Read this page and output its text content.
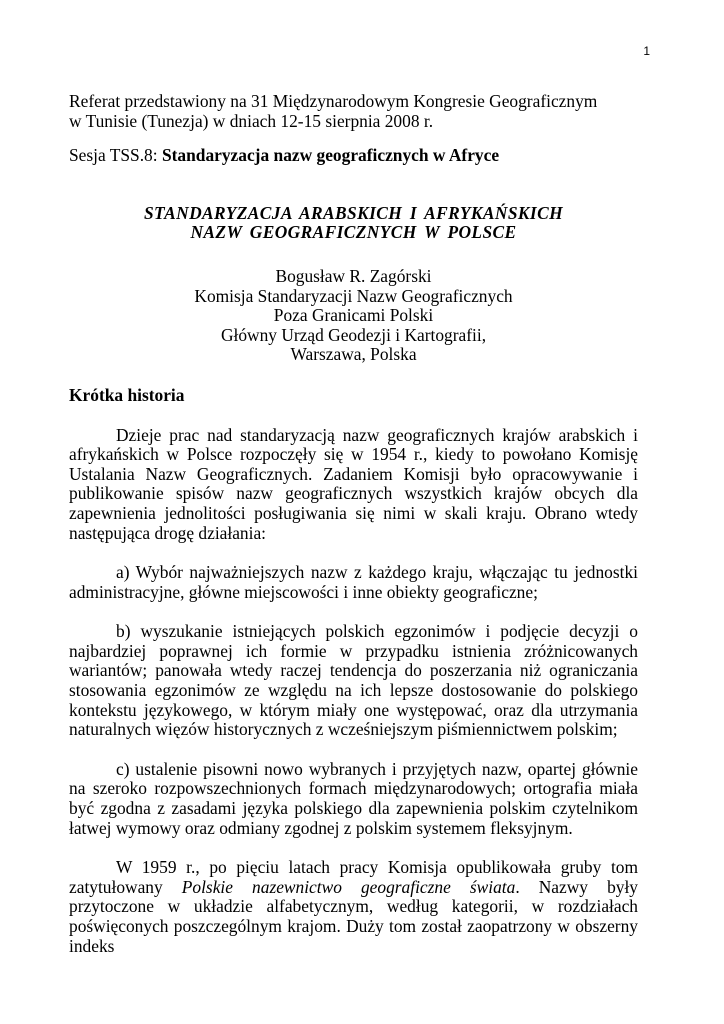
1

Referat przedstawiony na 31 Międzynarodowym Kongresie Geograficznym

w Tunisie (Tunezja) w dniach 12-15 sierpnia 2008 r.

Sesja TSS.8: Standaryzacja nazw geograficznych w Afryce

STANDARYZACJA ARABSKICH I AFRYKAŃSKICH

NAZW GEOGRAFICZNYCH W POLSCE

Bogusław R. Zagórski

Komisja Standaryzacji Nazw Geograficznych

Poza Granicami Polski

Główny Urząd Geodezji i Kartografii,

Warszawa, Polska

Krótka historia

Dzieje prac nad standaryzacją nazw geograficznych krajów arabskich i afrykańskich w Polsce rozpoczęły się w 1954 r., kiedy to powołano Komisję Ustalania Nazw Geograficznych. Zadaniem Komisji było opracowywanie i publikowanie spisów nazw geograficznych wszystkich krajów obcych dla zapewnienia jednolitości posługiwania się nimi w skali kraju. Obrano wtedy następująca drogę działania:

a) Wybór najważniejszych nazw z każdego kraju, włączając tu jednostki administracyjne, główne miejscowości i inne obiekty geograficzne;

b) wyszukanie istniejących polskich egzonimów i podjęcie decyzji o najbardziej poprawnej ich formie w przypadku istnienia zróżnicowanych wariantów; panowała wtedy raczej tendencja do poszerzania niż ograniczania stosowania egzonimów ze względu na ich lepsze dostosowanie do polskiego kontekstu językowego, w którym miały one występować, oraz dla utrzymania naturalnych więzów historycznych z wcześniejszym piśmiennictwem polskim;

c) ustalenie pisowni nowo wybranych i przyjętych nazw, opartej głównie na szeroko rozpowszechnionych formach międzynarodowych; ortografia miała być zgodna z zasadami języka polskiego dla zapewnienia polskim czytelnikom łatwej wymowy oraz odmiany zgodnej z polskim systemem fleksyjnym.

W 1959 r., po pięciu latach pracy Komisja opublikowała gruby tom zatytułowany Polskie nazewnictwo geograficzne świata. Nazwy były przytoczone w układzie alfabetycznym, według kategorii, w rozdziałach poświęconych poszczególnym krajom. Duży tom został zaopatrzony w obszerny indeks
